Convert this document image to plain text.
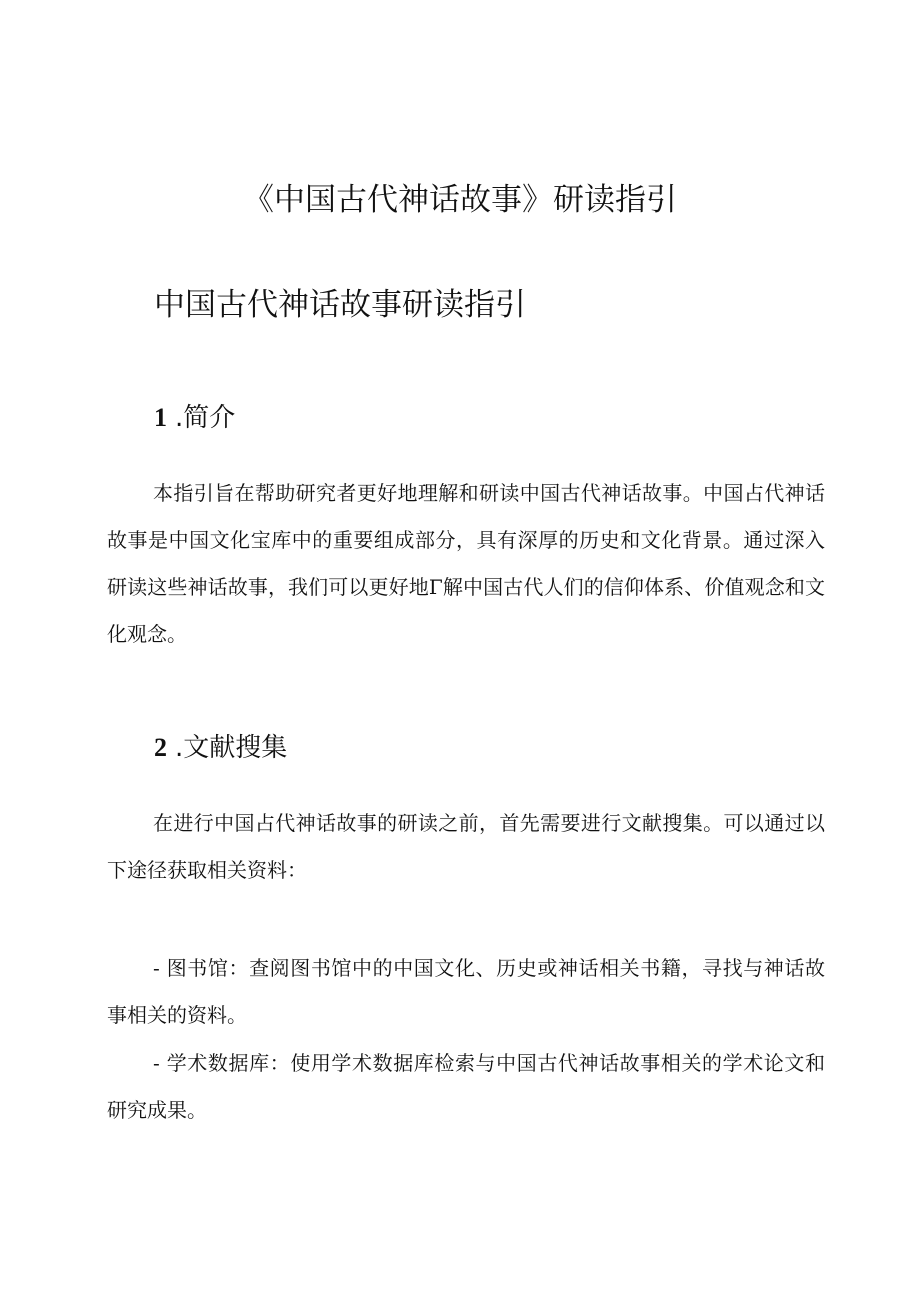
《中国古代神话故事》研读指引
中国古代神话故事研读指引
1 .简介

本指引旨在帮助研究者更好地理解和研读中国古代神话故事。中国占代神话故事是中国文化宝库中的重要组成部分，具有深厚的历史和文化背景。通过深入研读这些神话故事，我们可以更好地Γ解中国古代人们的信仰体系、价值观念和文化观念。

2 .文献搜集

在进行中国占代神话故事的研读之前，首先需要进行文献搜集。可以通过以下途径获取相关资料：

- 图书馆：查阅图书馆中的中国文化、历史或神话相关书籍，寻找与神话故事相关的资料。

- 学术数据库：使用学术数据库检索与中国古代神话故事相关的学术论文和研究成果。
